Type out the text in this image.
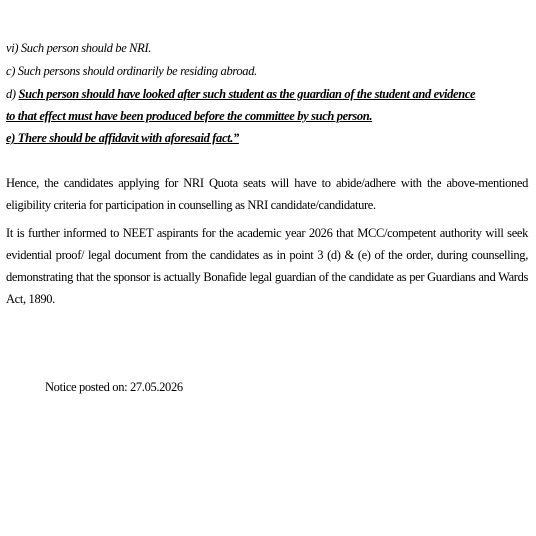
vi) Such person should be NRI.
c) Such persons should ordinarily be residing abroad.
d) Such person should have looked after such student as the guardian of the student and evidence
to that effect must have been produced before the committee by such person.
e) There should be affidavit with aforesaid fact.”
Hence, the candidates applying for NRI Quota seats will have to abide/adhere with the above-mentioned eligibility criteria for participation in counselling as NRI candidate/candidature.
It is further informed to NEET aspirants for the academic year 2026 that MCC/competent authority will seek evidential proof/ legal document from the candidates as in point 3 (d) & (e) of the order, during counselling, demonstrating that the sponsor is actually Bonafide legal guardian of the candidate as per Guardians and Wards Act, 1890.
Notice posted on: 27.05.2026
